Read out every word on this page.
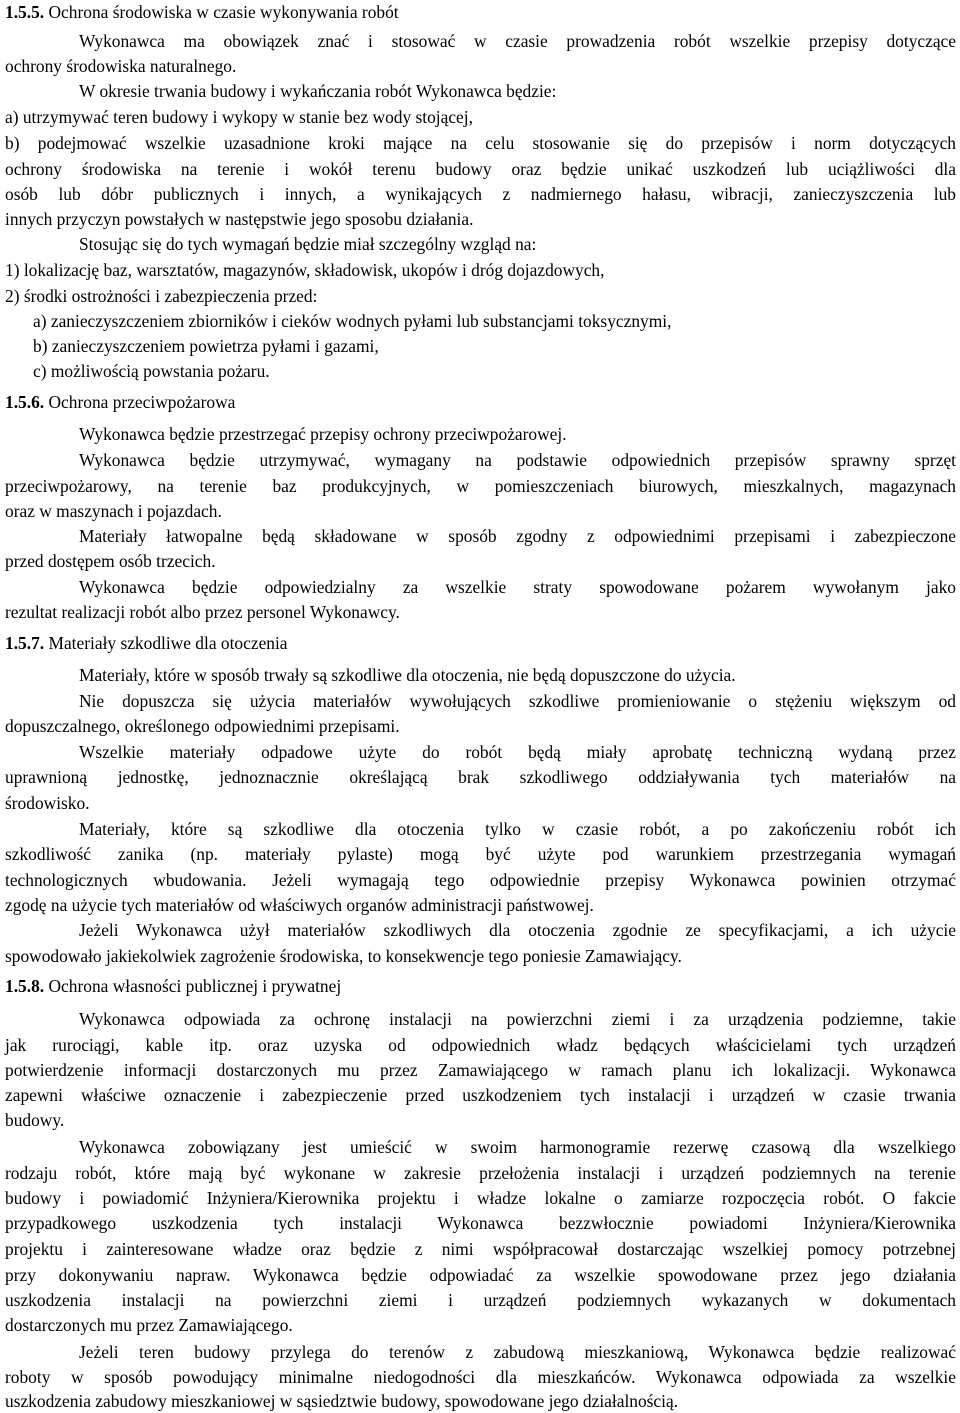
1.5.5. Ochrona środowiska w czasie wykonywania robót

Wykonawca ma obowiązek znać i stosować w czasie prowadzenia robót wszelkie przepisy dotyczące

ochrony środowiska naturalnego.

W okresie trwania budowy i wykańczania robót Wykonawca będzie:

a) utrzymywać teren budowy i wykopy w stanie bez wody stojącej,

b) podejmować wszelkie uzasadnione kroki mające na celu stosowanie się do przepisów i norm dotyczących

ochrony środowiska na terenie i wokół terenu budowy oraz będzie unikać uszkodzeń lub uciążliwości dla

osób lub dóbr publicznych i innych, a wynikających z nadmiernego hałasu, wibracji, zanieczyszczenia lub

innych przyczyn powstałych w następstwie jego sposobu działania.

Stosując się do tych wymagań będzie miał szczególny wzgląd na:

1) lokalizację baz, warsztatów, magazynów, składowisk, ukopów i dróg dojazdowych,

2) środki ostrożności i zabezpieczenia przed:

a) zanieczyszczeniem zbiorników i cieków wodnych pyłami lub substancjami toksycznymi,

b) zanieczyszczeniem powietrza pyłami i gazami,

c) możliwością powstania pożaru.

1.5.6. Ochrona przeciwpożarowa

Wykonawca będzie przestrzegać przepisy ochrony przeciwpożarowej.

Wykonawca będzie utrzymywać, wymagany na podstawie odpowiednich przepisów sprawny sprzęt

przeciwpożarowy, na terenie baz produkcyjnych, w pomieszczeniach biurowych, mieszkalnych, magazynach

oraz w maszynach i pojazdach.

Materiały łatwopalne będą składowane w sposób zgodny z odpowiednimi przepisami i zabezpieczone

przed dostępem osób trzecich.

Wykonawca będzie odpowiedzialny za wszelkie straty spowodowane pożarem wywołanym jako

rezultat realizacji robót albo przez personel Wykonawcy.

1.5.7. Materiały szkodliwe dla otoczenia

Materiały, które w sposób trwały są szkodliwe dla otoczenia, nie będą dopuszczone do użycia.

Nie dopuszcza się użycia materiałów wywołujących szkodliwe promieniowanie o stężeniu większym od

dopuszczalnego, określonego odpowiednimi przepisami.

Wszelkie materiały odpadowe użyte do robót będą miały aprobatę techniczną wydaną przez

uprawnioną jednostkę, jednoznacznie określającą brak szkodliwego oddziaływania tych materiałów na

środowisko.

Materiały, które są szkodliwe dla otoczenia tylko w czasie robót, a po zakończeniu robót ich

szkodliwość zanika (np. materiały pylaste) mogą być użyte pod warunkiem przestrzegania wymagań

technologicznych wbudowania. Jeżeli wymagają tego odpowiednie przepisy Wykonawca powinien otrzymać

zgodę na użycie tych materiałów od właściwych organów administracji państwowej.

Jeżeli Wykonawca użył materiałów szkodliwych dla otoczenia zgodnie ze specyfikacjami, a ich użycie

spowodowało jakiekolwiek zagrożenie środowiska, to konsekwencje tego poniesie Zamawiający.

1.5.8. Ochrona własności publicznej i prywatnej

Wykonawca odpowiada za ochronę instalacji na powierzchni ziemi i za urządzenia podziemne, takie

jak rurociągi, kable itp. oraz uzyska od odpowiednich władz będących właścicielami tych urządzeń

potwierdzenie informacji dostarczonych mu przez Zamawiającego w ramach planu ich lokalizacji. Wykonawca

zapewni właściwe oznaczenie i zabezpieczenie przed uszkodzeniem tych instalacji i urządzeń w czasie trwania

budowy.

Wykonawca zobowiązany jest umieścić w swoim harmonogramie rezerwę czasową dla wszelkiego

rodzaju robót, które mają być wykonane w zakresie przełożenia instalacji i urządzeń podziemnych na terenie

budowy i powiadomić Inżyniera/Kierownika projektu i władze lokalne o zamiarze rozpoczęcia robót. O fakcie

przypadkowego uszkodzenia tych instalacji Wykonawca bezzwłocznie powiadomi Inżyniera/Kierownika

projektu i zainteresowane władze oraz będzie z nimi współpracował dostarczając wszelkiej pomocy potrzebnej

przy dokonywaniu napraw. Wykonawca będzie odpowiadać za wszelkie spowodowane przez jego działania

uszkodzenia instalacji na powierzchni ziemi i urządzeń podziemnych wykazanych w dokumentach

dostarczonych mu przez Zamawiającego.

Jeżeli teren budowy przylega do terenów z zabudową mieszkaniową, Wykonawca będzie realizować

roboty w sposób powodujący minimalne niedogodności dla mieszkańców. Wykonawca odpowiada za wszelkie

uszkodzenia zabudowy mieszkaniowej w sąsiedztwie budowy, spowodowane jego działalnością.
